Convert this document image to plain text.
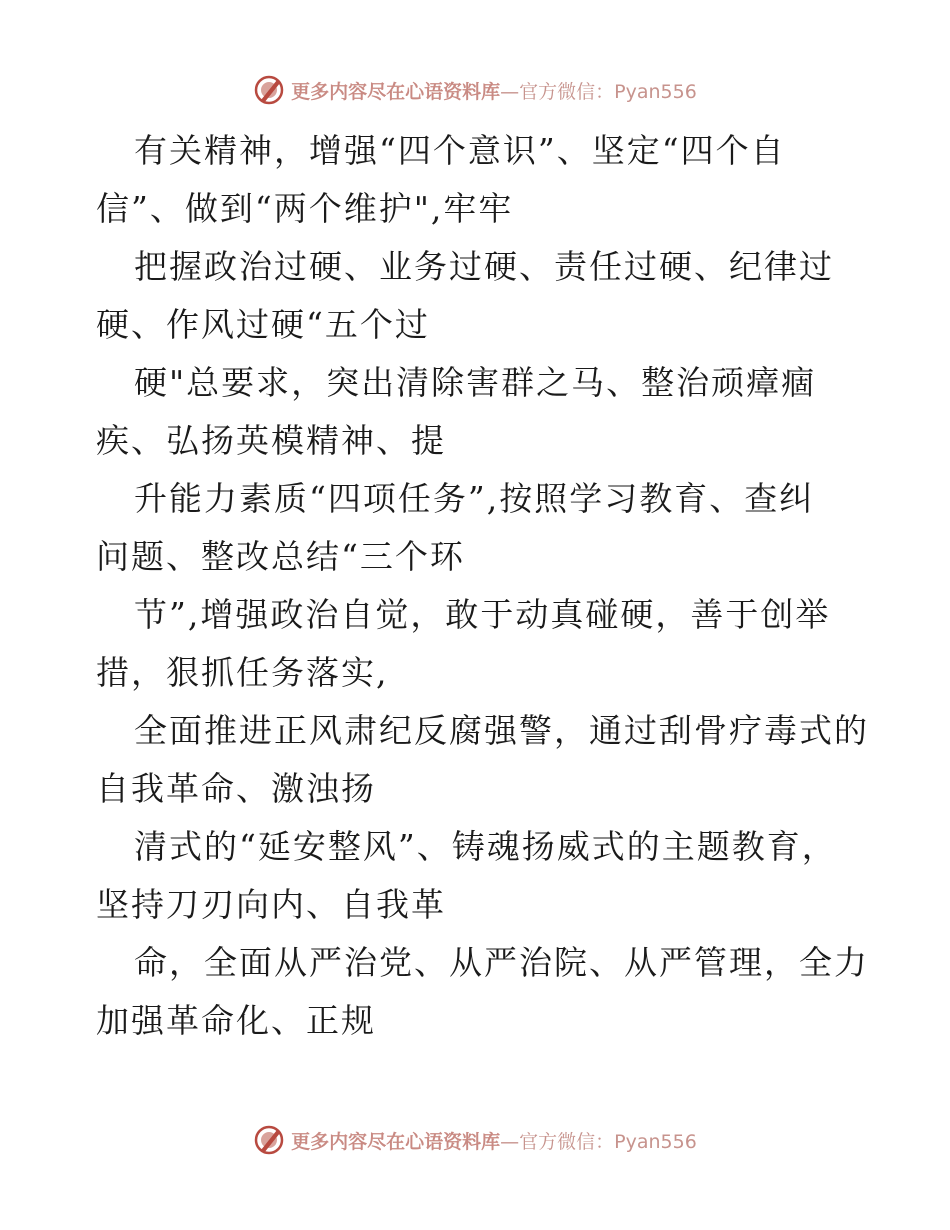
更多内容尽在心语资料库—官方微信：Pyan556
有关精神，增强“四个意识”、坚定“四个自
信”、做到“两个维护",牢牢
把握政治过硬、业务过硬、责任过硬、纪律过
硬、作风过硬“五个过
硬"总要求，突出清除害群之马、整治顽瘴痼
疾、弘扬英模精神、提
升能力素质“四项任务”,按照学习教育、查纠
问题、整改总结“三个环
节”,增强政治自觉，敢于动真碰硬，善于创举
措，狠抓任务落实,
全面推进正风肃纪反腐强警，通过刮骨疗毒式的
自我革命、激浊扬
清式的“延安整风”、铸魂扬威式的主题教育，
坚持刀刃向内、自我革
命，全面从严治党、从严治院、从严管理，全力
加强革命化、正规
更多内容尽在心语资料库—官方微信：Pyan556
